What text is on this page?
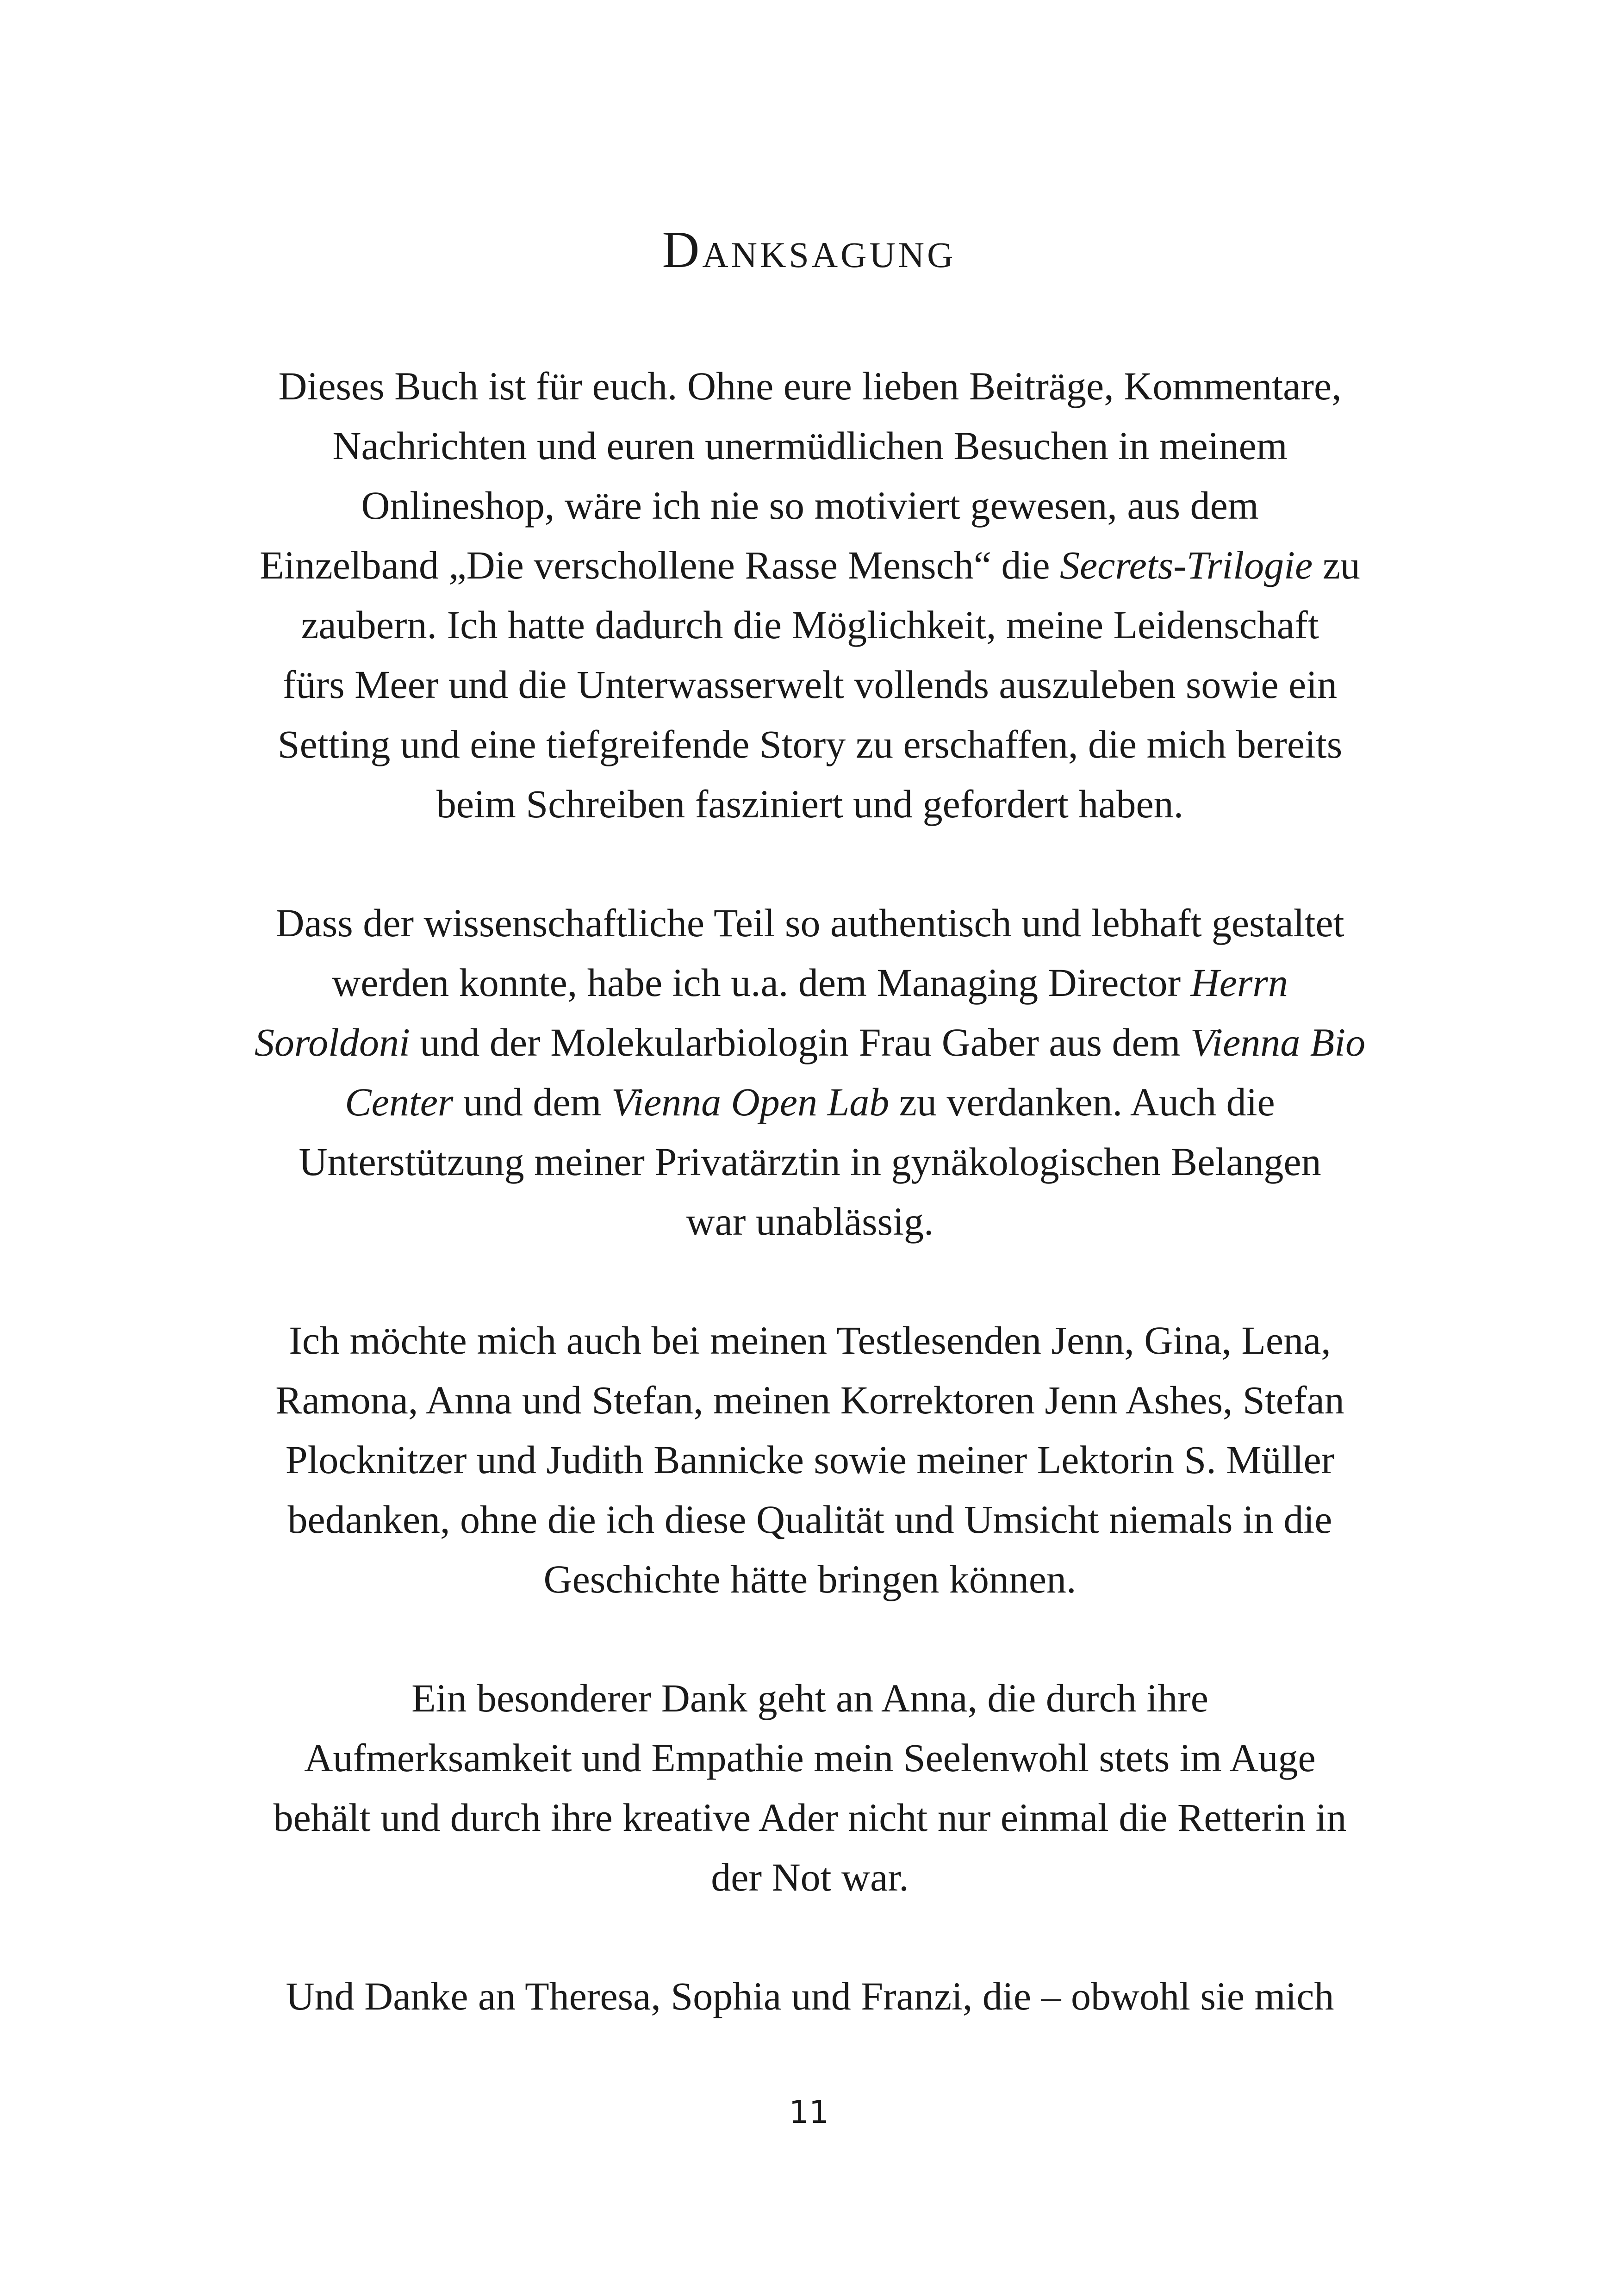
Danksagung

Dieses Buch ist für euch. Ohne eure lieben Beiträge, Kommentare,
Nachrichten und euren unermüdlichen Besuchen in meinem
Onlineshop, wäre ich nie so motiviert gewesen, aus dem
Einzelband „Die verschollene Rasse Mensch“ die Secrets-Trilogie zu
zaubern. Ich hatte dadurch die Möglichkeit, meine Leidenschaft
fürs Meer und die Unterwasserwelt vollends auszuleben sowie ein
Setting und eine tiefgreifende Story zu erschaffen, die mich bereits
beim Schreiben fasziniert und gefordert haben.

Dass der wissenschaftliche Teil so authentisch und lebhaft gestaltet
werden konnte, habe ich u.a. dem Managing Director Herrn
Soroldoni und der Molekularbiologin Frau Gaber aus dem Vienna Bio
Center und dem Vienna Open Lab zu verdanken. Auch die
Unterstützung meiner Privatärztin in gynäkologischen Belangen
war unablässig.

Ich möchte mich auch bei meinen Testlesenden Jenn, Gina, Lena,
Ramona, Anna und Stefan, meinen Korrektoren Jenn Ashes, Stefan
Plocknitzer und Judith Bannicke sowie meiner Lektorin S. Müller
bedanken, ohne die ich diese Qualität und Umsicht niemals in die
Geschichte hätte bringen können.

Ein besonderer Dank geht an Anna, die durch ihre
Aufmerksamkeit und Empathie mein Seelenwohl stets im Auge
behält und durch ihre kreative Ader nicht nur einmal die Retterin in
der Not war.

Und Danke an Theresa, Sophia und Franzi, die – obwohl sie mich

11
